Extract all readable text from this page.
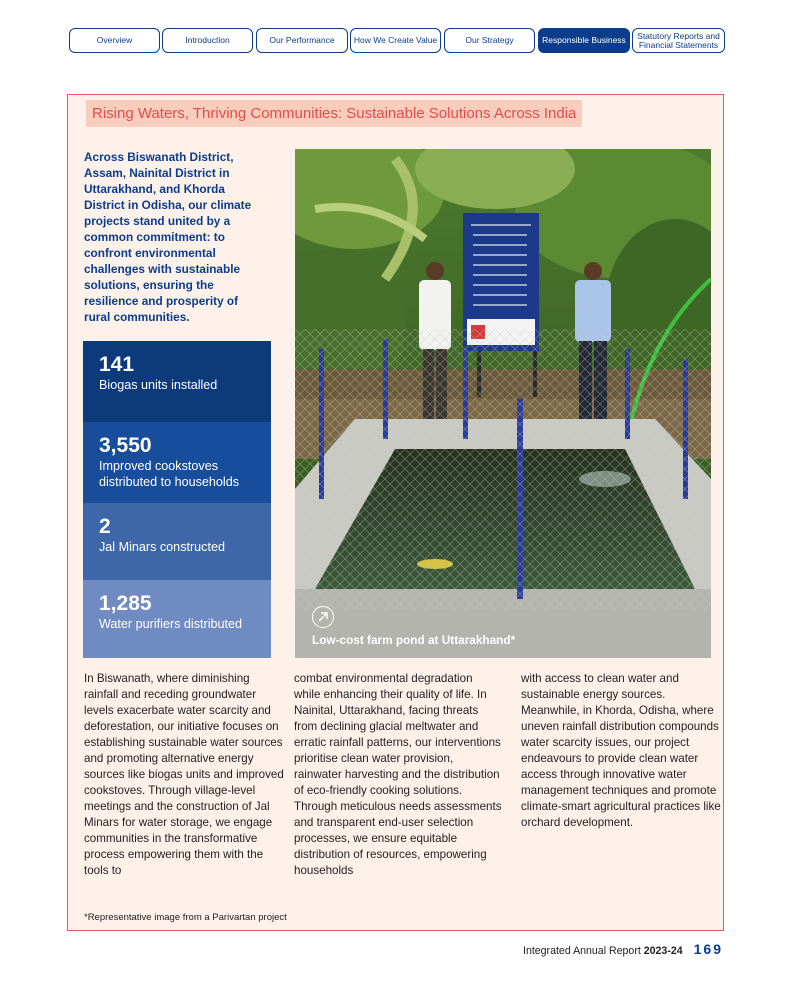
Overview	Introduction	Our Performance	How We Create Value	Our Strategy	Responsible Business	Statutory Reports and
Financial Statements
Rising Waters, Thriving Communities: Sustainable Solutions Across India

Across Biswanath District, Assam, Nainital District in Uttarakhand, and Khorda District in Odisha, our climate projects stand united by a common commitment: to confront environmental challenges with sustainable solutions, ensuring the resilience and prosperity of rural communities.

141
Biogas units installed
3,550
Improved cookstoves distributed to households
2
Jal Minars constructed
1,285
Water purifiers distributed
Low-cost farm pond at Uttarakhand*

In Biswanath, where diminishing rainfall and receding groundwater levels exacerbate water scarcity and deforestation, our initiative focuses on establishing sustainable water sources and promoting alternative energy sources like biogas units and improved cookstoves. Through village-level meetings and the construction of Jal Minars for water storage, we engage communities in the transformative process empowering them with the tools to

combat environmental degradation while enhancing their quality of life. In Nainital, Uttarakhand, facing threats from declining glacial meltwater and erratic rainfall patterns, our interventions prioritise clean water provision, rainwater harvesting and the distribution of eco-friendly cooking solutions. Through meticulous needs assessments and transparent end-user selection processes, we ensure equitable distribution of resources, empowering households

with access to clean water and sustainable energy sources. Meanwhile, in Khorda, Odisha, where uneven rainfall distribution compounds water scarcity issues, our project endeavours to provide clean water access through innovative water management techniques and promote climate-smart agricultural practices like orchard development.

*Representative image from a Parivartan project
Integrated Annual Report 2023-24 169
